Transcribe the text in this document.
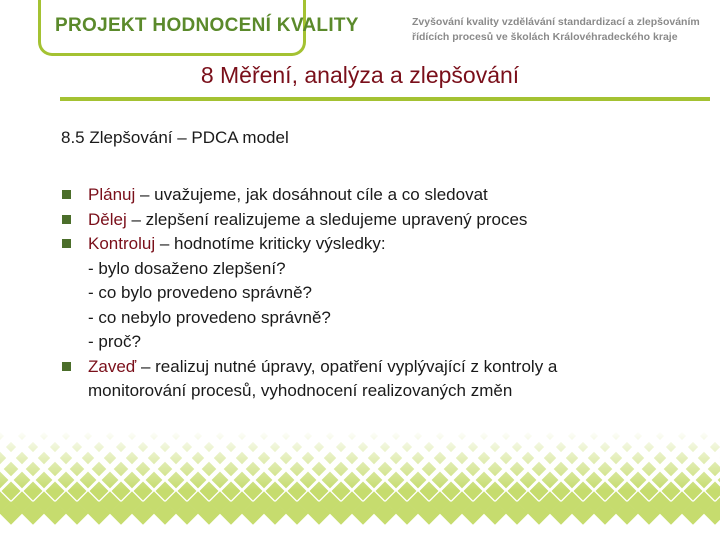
PROJEKT HODNOCENÍ KVALITY	Zvyšování kvality vzdělávání standardizací a zlepšováním
řídících procesů ve školách Královéhradeckého kraje
8 Měření, analýza a zlepšování
8.5 Zlepšování – PDCA model
Plánuj – uvažujeme, jak dosáhnout cíle a co sledovat
Dělej – zlepšení realizujeme a sledujeme upravený proces
Kontroluj – hodnotíme kriticky výsledky:
- bylo dosaženo zlepšení?
- co bylo provedeno správně?
- co nebylo provedeno správně?
- proč?
Zaveď – realizuj nutné úpravy, opatření vyplývající z kontroly a
monitorování procesů, vyhodnocení realizovaných změn
